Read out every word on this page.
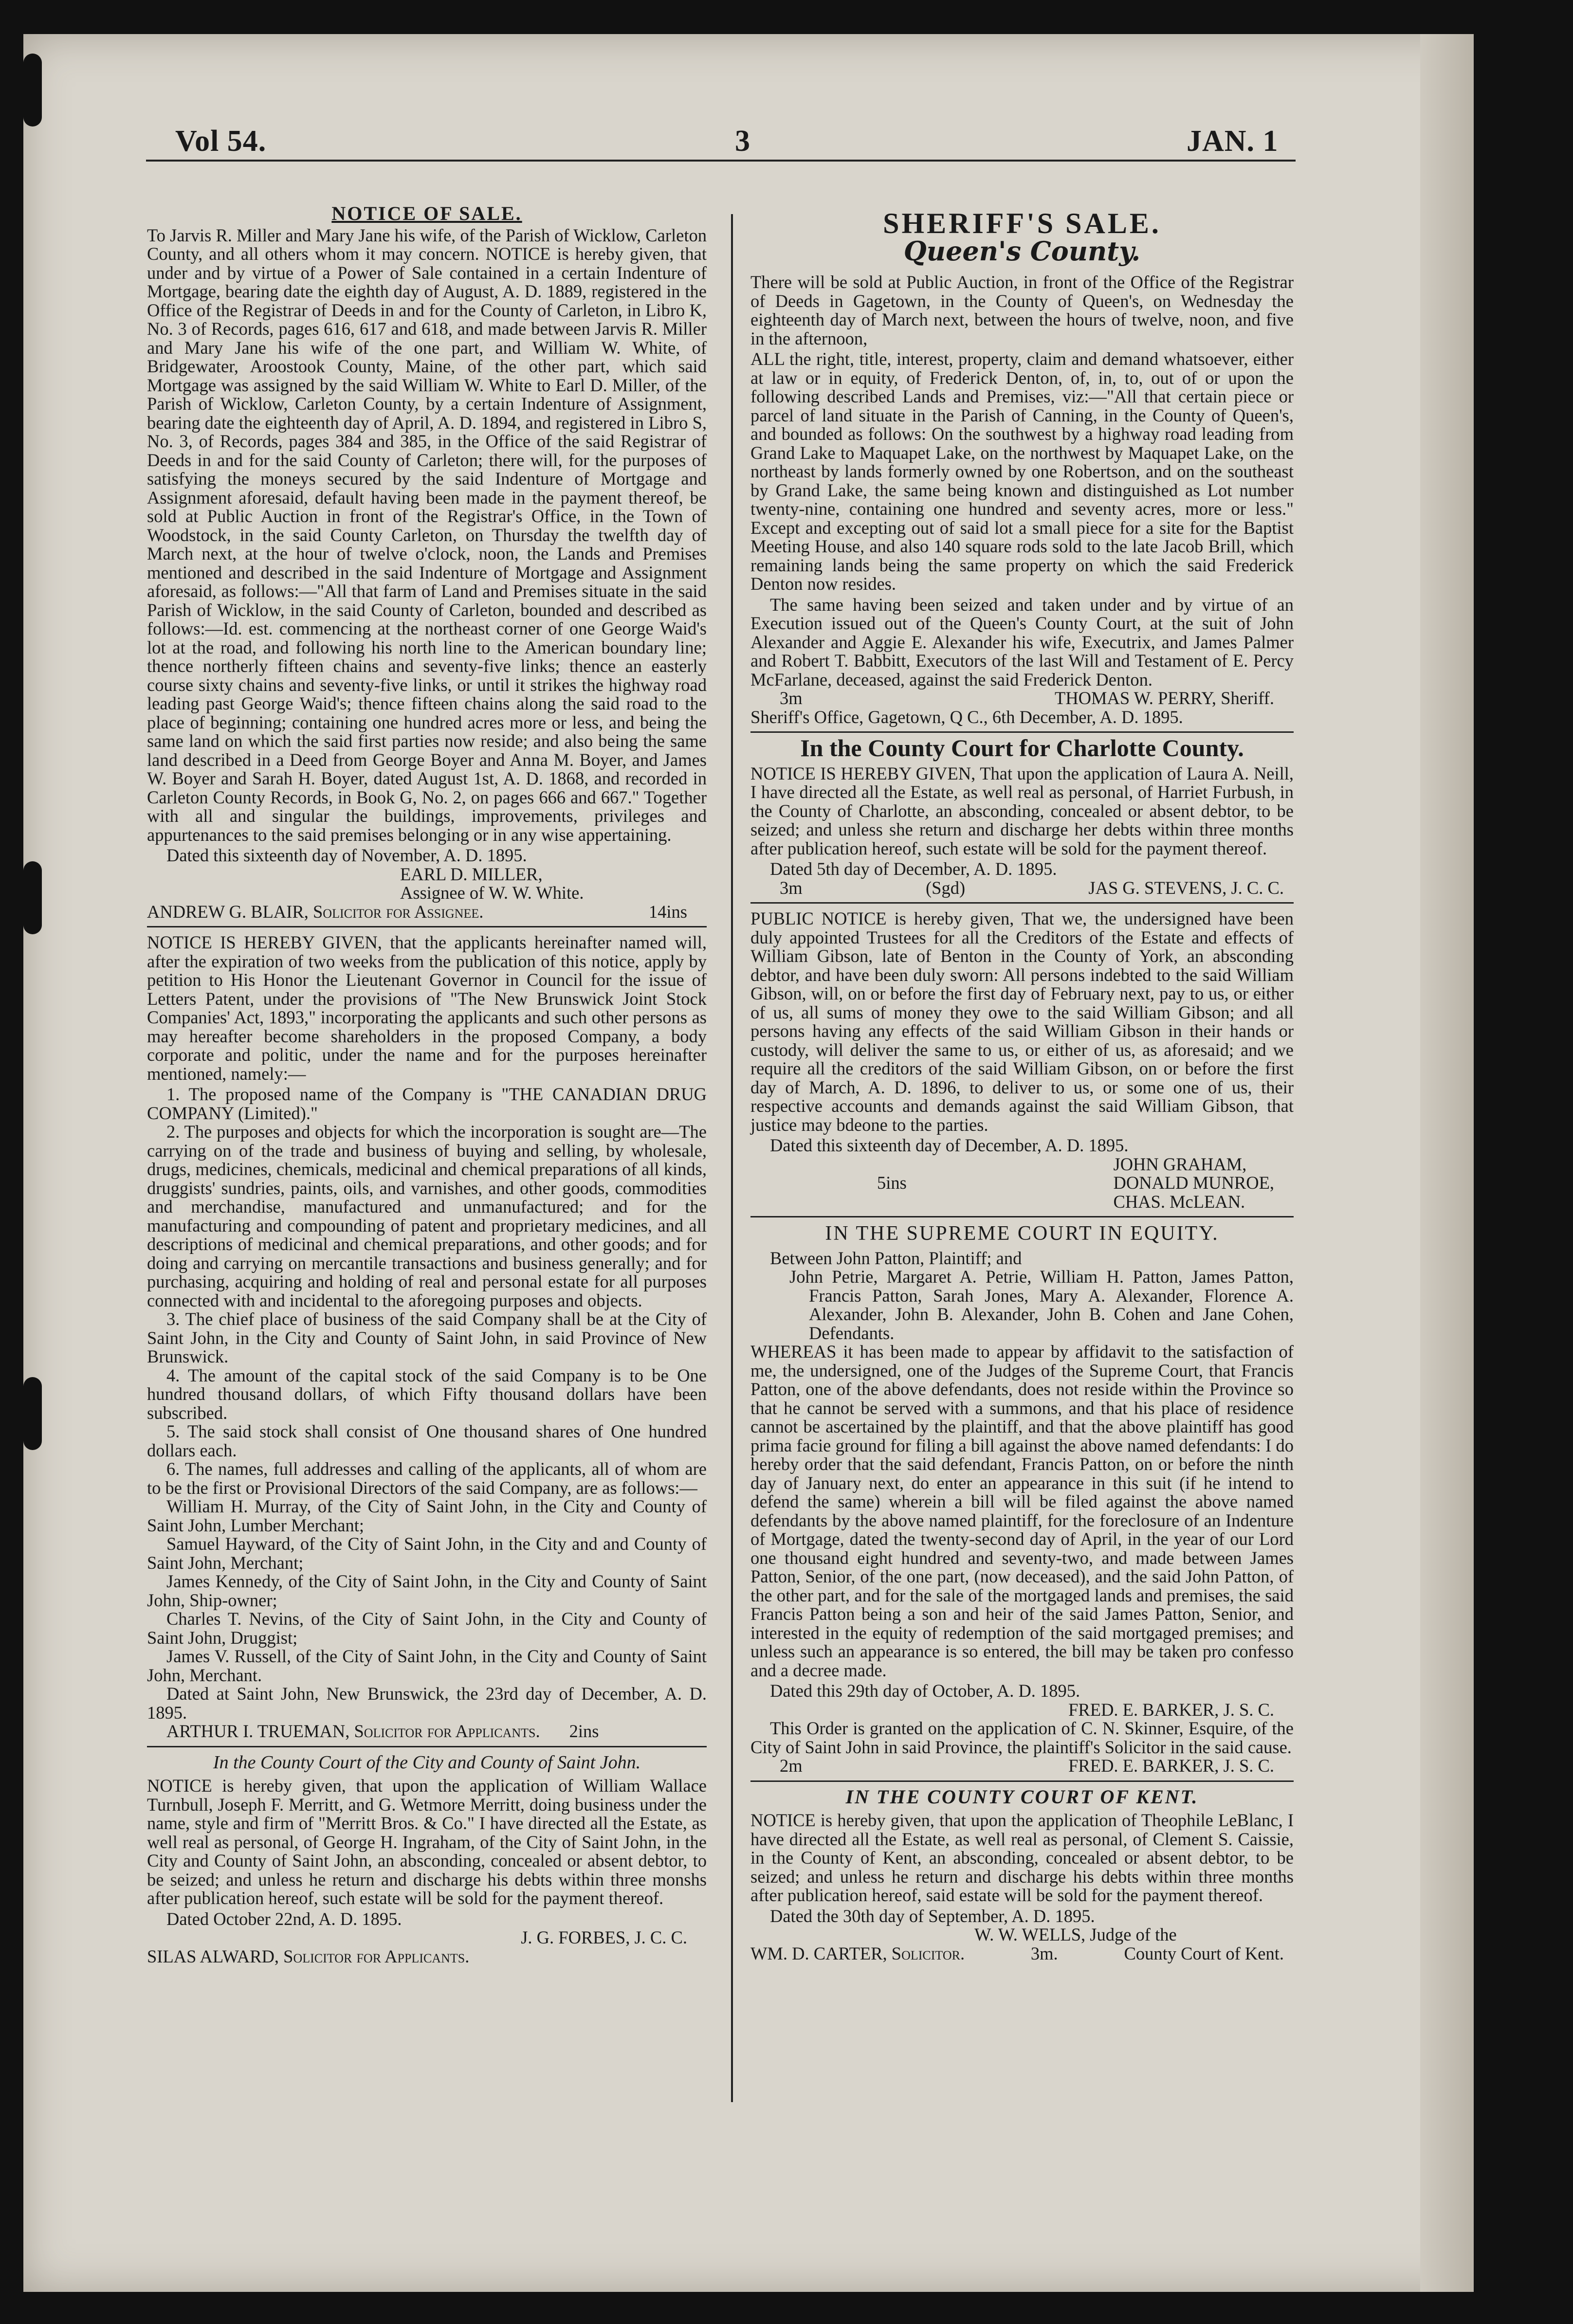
Vol 54.	3	JAN. 1
NOTICE OF SALE.

To Jarvis R. Miller and Mary Jane his wife, of the Parish of Wicklow, Carleton County, and all others whom it may concern. NOTICE is hereby given, that under and by virtue of a Power of Sale contained in a certain Indenture of Mortgage, bearing date the eighth day of August, A. D. 1889, registered in the Office of the Registrar of Deeds in and for the County of Carleton, in Libro K, No. 3 of Records, pages 616, 617 and 618, and made between Jarvis R. Miller and Mary Jane his wife of the one part, and William W. White, of Bridgewater, Aroostook County, Maine, of the other part, which said Mortgage was assigned by the said William W. White to Earl D. Miller, of the Parish of Wicklow, Carleton County, by a certain Indenture of Assignment, bearing date the eighteenth day of April, A. D. 1894, and registered in Libro S, No. 3, of Records, pages 384 and 385, in the Office of the said Registrar of Deeds in and for the said County of Carleton; there will, for the purposes of satisfying the moneys secured by the said Indenture of Mortgage and Assignment aforesaid, default having been made in the payment thereof, be sold at Public Auction in front of the Registrar's Office, in the Town of Woodstock, in the said County Carleton, on Thursday the twelfth day of March next, at the hour of twelve o'clock, noon, the Lands and Premises mentioned and described in the said Indenture of Mortgage and Assignment aforesaid, as follows:—"All that farm of Land and Premises situate in the said Parish of Wicklow, in the said County of Carleton, bounded and described as follows:—Id. est. commencing at the northeast corner of one George Waid's lot at the road, and following his north line to the American boundary line; thence northerly fifteen chains and seventy-five links; thence an easterly course sixty chains and seventy-five links, or until it strikes the highway road leading past George Waid's; thence fifteen chains along the said road to the place of beginning; containing one hundred acres more or less, and being the same land on which the said first parties now reside; and also being the same land described in a Deed from George Boyer and Anna M. Boyer, and James W. Boyer and Sarah H. Boyer, dated August 1st, A. D. 1868, and recorded in Carleton County Records, in Book G, No. 2, on pages 666 and 667." Together with all and singular the buildings, improvements, privileges and appurtenances to the said premises belonging or in any wise appertaining.

Dated this sixteenth day of November, A. D. 1895.

EARL D. MILLER,

Assignee of W. W. White.

ANDREW G. BLAIR, Solicitor for Assignee.	14ins

NOTICE IS HEREBY GIVEN, that the applicants hereinafter named will, after the expiration of two weeks from the publication of this notice, apply by petition to His Honor the Lieutenant Governor in Council for the issue of Letters Patent, under the provisions of "The New Brunswick Joint Stock Companies' Act, 1893," incorporating the applicants and such other persons as may hereafter become shareholders in the proposed Company, a body corporate and politic, under the name and for the purposes hereinafter mentioned, namely:—

1. The proposed name of the Company is "THE CANADIAN DRUG COMPANY (Limited)."

2. The purposes and objects for which the incorporation is sought are—The carrying on of the trade and business of buying and selling, by wholesale, drugs, medicines, chemicals, medicinal and chemical preparations of all kinds, druggists' sundries, paints, oils, and varnishes, and other goods, commodities and merchandise, manufactured and unmanufactured; and for the manufacturing and compounding of patent and proprietary medicines, and all descriptions of medicinal and chemical preparations, and other goods; and for doing and carrying on mercantile transactions and business generally; and for purchasing, acquiring and holding of real and personal estate for all purposes connected with and incidental to the aforegoing purposes and objects.

3. The chief place of business of the said Company shall be at the City of Saint John, in the City and County of Saint John, in said Province of New Brunswick.

4. The amount of the capital stock of the said Company is to be One hundred thousand dollars, of which Fifty thousand dollars have been subscribed.

5. The said stock shall consist of One thousand shares of One hundred dollars each.

6. The names, full addresses and calling of the applicants, all of whom are to be the first or Provisional Directors of the said Company, are as follows:—

William H. Murray, of the City of Saint John, in the City and County of Saint John, Lumber Merchant;

Samuel Hayward, of the City of Saint John, in the City and and County of Saint John, Merchant;

James Kennedy, of the City of Saint John, in the City and County of Saint John, Ship-owner;

Charles T. Nevins, of the City of Saint John, in the City and County of Saint John, Druggist;

James V. Russell, of the City of Saint John, in the City and County of Saint John, Merchant.

Dated at Saint John, New Brunswick, the 23rd day of December, A. D. 1895.

ARTHUR I. TRUEMAN, Solicitor for Applicants. 2ins
In the County Court of the City and County of Saint John.

NOTICE is hereby given, that upon the application of William Wallace Turnbull, Joseph F. Merritt, and G. Wetmore Merritt, doing business under the name, style and firm of "Merritt Bros. & Co." I have directed all the Estate, as well real as personal, of George H. Ingraham, of the City of Saint John, in the City and County of Saint John, an absconding, concealed or absent debtor, to be seized; and unless he return and discharge his debts within three monshs after publication hereof, such estate will be sold for the payment thereof.

Dated October 22nd, A. D. 1895.

J. G. FORBES, J. C. C.

SILAS ALWARD, Solicitor for Applicants.

SHERIFF'S SALE.
Queen's County.

There will be sold at Public Auction, in front of the Office of the Registrar of Deeds in Gagetown, in the County of Queen's, on Wednesday the eighteenth day of March next, between the hours of twelve, noon, and five in the afternoon,

ALL the right, title, interest, property, claim and demand whatsoever, either at law or in equity, of Frederick Denton, of, in, to, out of or upon the following described Lands and Premises, viz:—"All that certain piece or parcel of land situate in the Parish of Canning, in the County of Queen's, and bounded as follows: On the southwest by a highway road leading from Grand Lake to Maquapet Lake, on the northwest by Maquapet Lake, on the northeast by lands formerly owned by one Robertson, and on the southeast by Grand Lake, the same being known and distinguished as Lot number twenty-nine, containing one hundred and seventy acres, more or less." Except and excepting out of said lot a small piece for a site for the Baptist Meeting House, and also 140 square rods sold to the late Jacob Brill, which remaining lands being the same property on which the said Frederick Denton now resides.

The same having been seized and taken under and by virtue of an Execution issued out of the Queen's County Court, at the suit of John Alexander and Aggie E. Alexander his wife, Executrix, and James Palmer and Robert T. Babbitt, Executors of the last Will and Testament of E. Percy McFarlane, deceased, against the said Frederick Denton.

3m	THOMAS W. PERRY, Sheriff.

Sheriff's Office, Gagetown, Q C., 6th December, A. D. 1895.

In the County Court for Charlotte County.

NOTICE IS HEREBY GIVEN, That upon the application of Laura A. Neill, I have directed all the Estate, as well real as personal, of Harriet Furbush, in the County of Charlotte, an absconding, concealed or absent debtor, to be seized; and unless she return and discharge her debts within three months after publication hereof, such estate will be sold for the payment thereof.

Dated 5th day of December, A. D. 1895.

3m	(Sgd)	JAS G. STEVENS, J. C. C.

PUBLIC NOTICE is hereby given, That we, the undersigned have been duly appointed Trustees for all the Creditors of the Estate and effects of William Gibson, late of Benton in the County of York, an absconding debtor, and have been duly sworn: All persons indebted to the said William Gibson, will, on or before the first day of February next, pay to us, or either of us, all sums of money they owe to the said William Gibson; and all persons having any effects of the said William Gibson in their hands or custody, will deliver the same to us, or either of us, as aforesaid; and we require all the creditors of the said William Gibson, on or before the first day of March, A. D. 1896, to deliver to us, or some one of us, their respective accounts and demands against the said William Gibson, that justice may bdeone to the parties.

Dated this sixteenth day of December, A. D. 1895.

5ins
JOHN GRAHAM,
DONALD MUNROE,
CHAS. McLEAN.
IN THE SUPREME COURT IN EQUITY.

Between John Patton, Plaintiff; and

John Petrie, Margaret A. Petrie, William H. Patton, James Patton, Francis Patton, Sarah Jones, Mary A. Alexander, Florence A. Alexander, John B. Alexander, John B. Cohen and Jane Cohen, Defendants.

WHEREAS it has been made to appear by affidavit to the satisfaction of me, the undersigned, one of the Judges of the Supreme Court, that Francis Patton, one of the above defendants, does not reside within the Province so that he cannot be served with a summons, and that his place of residence cannot be ascertained by the plaintiff, and that the above plaintiff has good prima facie ground for filing a bill against the above named defendants: I do hereby order that the said defendant, Francis Patton, on or before the ninth day of January next, do enter an appearance in this suit (if he intend to defend the same) wherein a bill will be filed against the above named defendants by the above named plaintiff, for the foreclosure of an Indenture of Mortgage, dated the twenty-second day of April, in the year of our Lord one thousand eight hundred and seventy-two, and made between James Patton, Senior, of the one part, (now deceased), and the said John Patton, of the other part, and for the sale of the mortgaged lands and premises, the said Francis Patton being a son and heir of the said James Patton, Senior, and interested in the equity of redemption of the said mortgaged premises; and unless such an appearance is so entered, the bill may be taken pro confesso and a decree made.

Dated this 29th day of October, A. D. 1895.

FRED. E. BARKER, J. S. C.

This Order is granted on the application of C. N. Skinner, Esquire, of the City of Saint John in said Province, the plaintiff's Solicitor in the said cause.

2m	FRED. E. BARKER, J. S. C.
IN THE COUNTY COURT OF KENT.

NOTICE is hereby given, that upon the application of Theophile LeBlanc, I have directed all the Estate, as well real as personal, of Clement S. Caissie, in the County of Kent, an absconding, concealed or absent debtor, to be seized; and unless he return and discharge his debts within three months after publication hereof, said estate will be sold for the payment thereof.

Dated the 30th day of September, A. D. 1895.

W. W. WELLS, Judge of the

WM. D. CARTER, Solicitor.	3m.	County Court of Kent.
